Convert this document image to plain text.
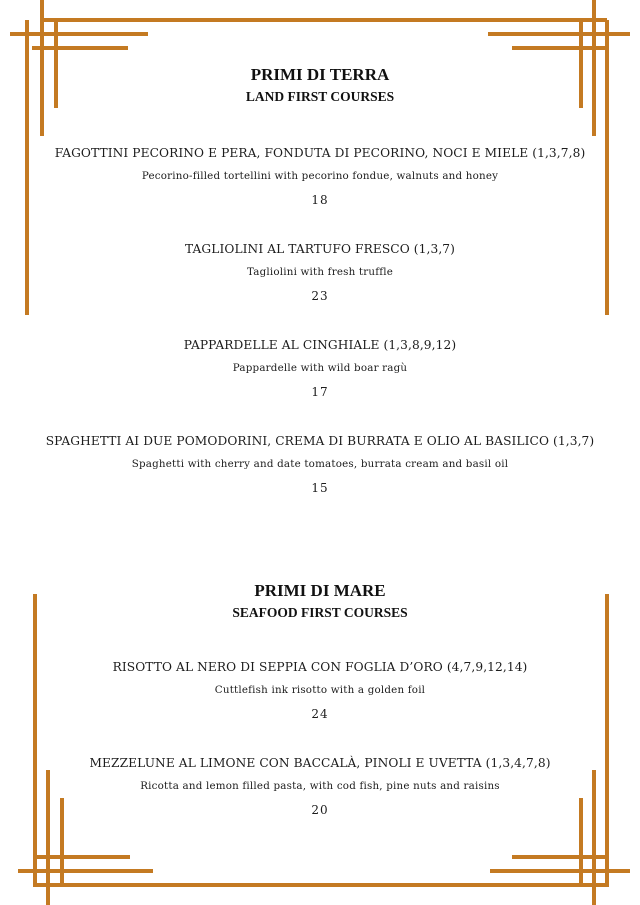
PRIMI DI TERRA
LAND FIRST COURSES
FAGOTTINI PECORINO E PERA, FONDUTA DI PECORINO, NOCI E MIELE (1,3,7,8)
Pecorino-filled tortellini with pecorino fondue, walnuts and honey
18
TAGLIOLINI AL TARTUFO FRESCO (1,3,7)
Tagliolini with fresh truffle
23
PAPPARDELLE AL CINGHIALE (1,3,8,9,12)
Pappardelle with wild boar ragù
17
SPAGHETTI AI DUE POMODORINI, CREMA DI BURRATA E OLIO AL BASILICO (1,3,7)
Spaghetti with cherry and date tomatoes, burrata cream and basil oil
15
PRIMI DI MARE
SEAFOOD FIRST COURSES
RISOTTO AL NERO DI SEPPIA CON FOGLIA D’ORO (4,7,9,12,14)
Cuttlefish ink risotto with a golden foil
24
MEZZELUNE AL LIMONE CON BACCALÀ, PINOLI E UVETTA (1,3,4,7,8)
Ricotta and lemon filled pasta, with cod fish, pine nuts and raisins
20
